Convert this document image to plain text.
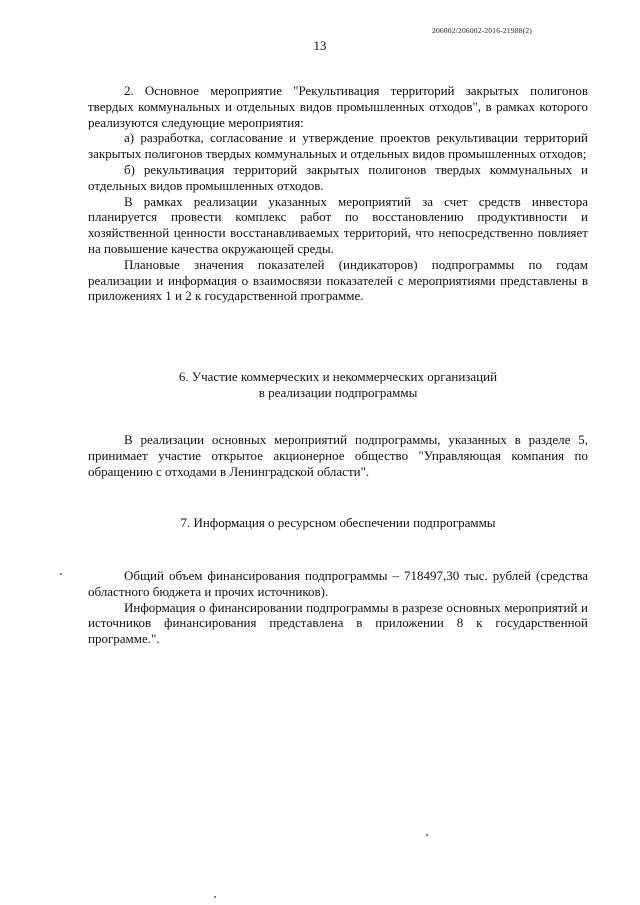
206002/206002-2016-21988(2)
13

2. Основное мероприятие "Рекультивация территорий закрытых полигонов твердых коммунальных и отдельных видов промышленных отходов", в рамках которого реализуются следующие мероприятия:

а) разработка, согласование и утверждение проектов рекультивации территорий закрытых полигонов твердых коммунальных и отдельных видов промышленных отходов;

б) рекультивация территорий закрытых полигонов твердых коммунальных и отдельных видов промышленных отходов.

В рамках реализации указанных мероприятий за счет средств инвестора планируется провести комплекс работ по восстановлению продуктивности и хозяйственной ценности восстанавливаемых территорий, что непосредственно повлияет на повышение качества окружающей среды.

Плановые значения показателей (индикаторов) подпрограммы по годам реализации и информация о взаимосвязи показателей с мероприятиями представлены в приложениях 1 и 2 к государственной программе.

6. Участие коммерческих и некоммерческих организаций
в реализации подпрограммы

В реализации основных мероприятий подпрограммы, указанных в разделе 5, принимает участие открытое акционерное общество "Управляющая компания по обращению с отходами в Ленинградской области".

7. Информация о ресурсном обеспечении подпрограммы

Общий объем финансирования подпрограммы – 718497,30 тыс. рублей (средства областного бюджета и прочих источников).

Информация о финансировании подпрограммы в разрезе основных мероприятий и источников финансирования представлена в приложении 8 к государственной программе.".
